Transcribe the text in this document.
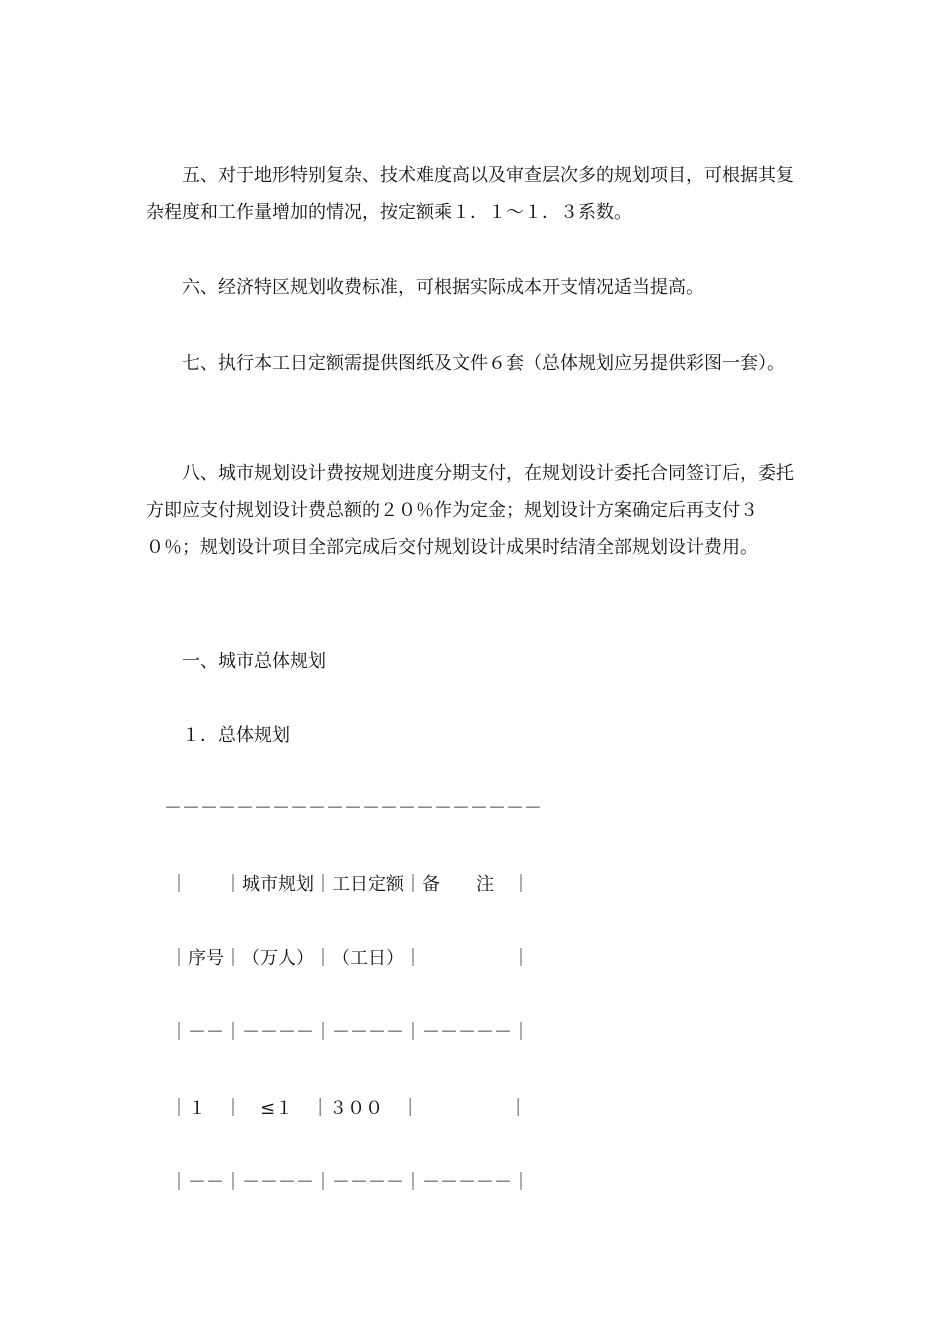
五、对于地形特别复杂、技术难度高以及审查层次多的规划项目，可根据其复杂程度和工作量增加的情况，按定额乘１．１～１．３系数。

六、经济特区规划收费标准，可根据实际成本开支情况适当提高。

七、执行本工日定额需提供图纸及文件６套（总体规划应另提供彩图一套）。

八、城市规划设计费按规划进度分期支付，在规划设计委托合同签订后，委托方即应支付规划设计费总额的２０％作为定金；规划设计方案确定后再支付３０％；规划设计项目全部完成后交付规划设计成果时结清全部规划设计费用。

一、城市总体规划

１．总体规划

－－－－－－－－－－－－－－－－－－－－－

｜　　｜城市规划｜工日定额｜备　　注　｜

｜序号｜（万人）｜（工日）｜　　　　　｜

｜－－｜－－－－｜－－－－｜－－－－－｜

｜１　｜　≤１　｜３００　｜　　　　　｜

｜－－｜－－－－｜－－－－｜－－－－－｜
